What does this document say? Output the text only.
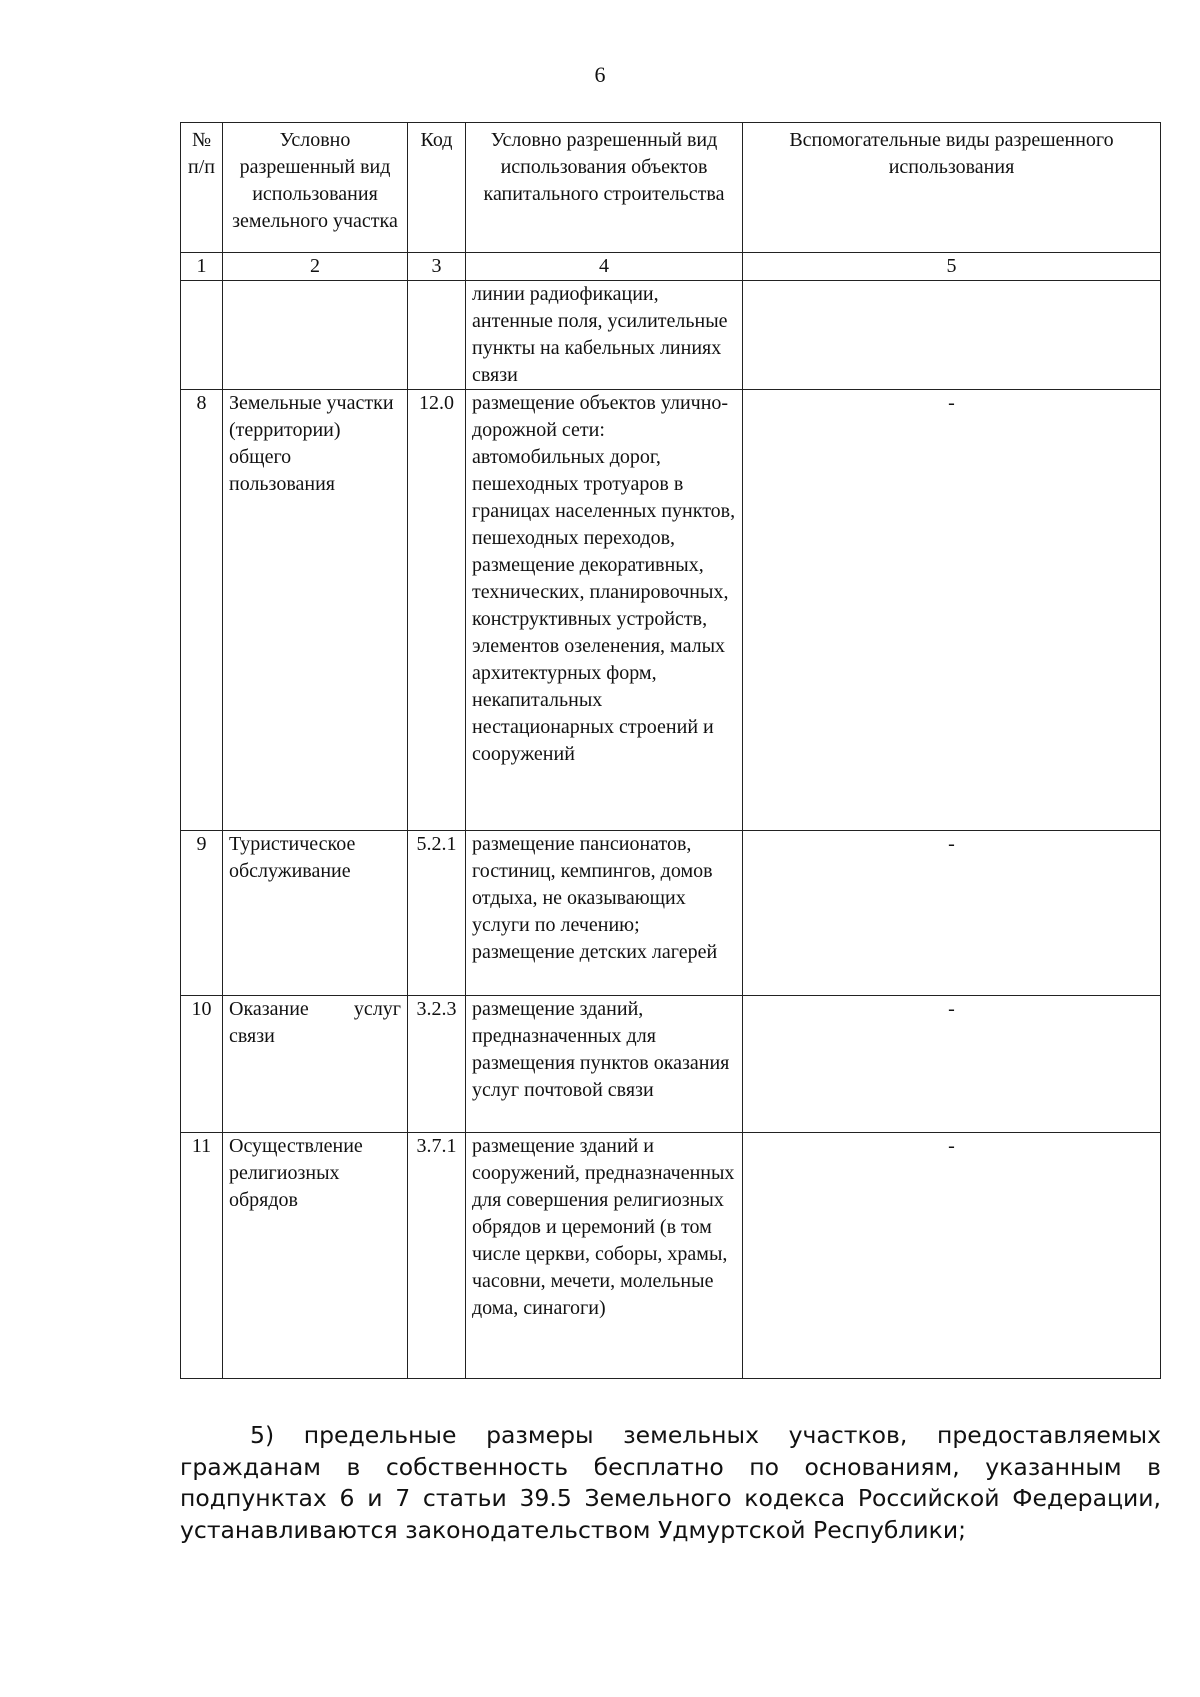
6
№ п/п	Условно разрешенный вид использования земельного участка	Код	Условно разрешенный вид использования объектов капитального строительства	Вспомогательные виды разрешенного использования
1	2	3	4	5
			линии радиофикации, антенные поля, усилительные пункты на кабельных линиях связи	
8	Земельные участки (территории) общего пользования	12.0	размещение объектов улично-дорожной сети: автомобильных дорог, пешеходных тротуаров в границах населенных пунктов, пешеходных переходов, размещение декоративных, технических, планировочных, конструктивных устройств, элементов озеленения, малых архитектурных форм, некапитальных нестационарных строений и сооружений	-
9	Туристическое обслуживание	5.2.1	размещение пансионатов, гостиниц, кемпингов, домов отдыха, не оказывающих услуги по лечению; размещение детских лагерей	-
10	Оказание услуг связи	3.2.3	размещение зданий, предназначенных для размещения пунктов оказания услуг почтовой связи	-
11	Осуществление религиозных обрядов	3.7.1	размещение зданий и сооружений, предназначенных для совершения религиозных обрядов и церемоний (в том числе церкви, соборы, храмы, часовни, мечети, молельные дома, синагоги)	-
5) предельные размеры земельных участков, предоставляемых гражданам в собственность бесплатно по основаниям, указанным в подпунктах 6 и 7 статьи 39.5 Земельного кодекса Российской Федерации, устанавливаются законодательством Удмуртской Республики;
